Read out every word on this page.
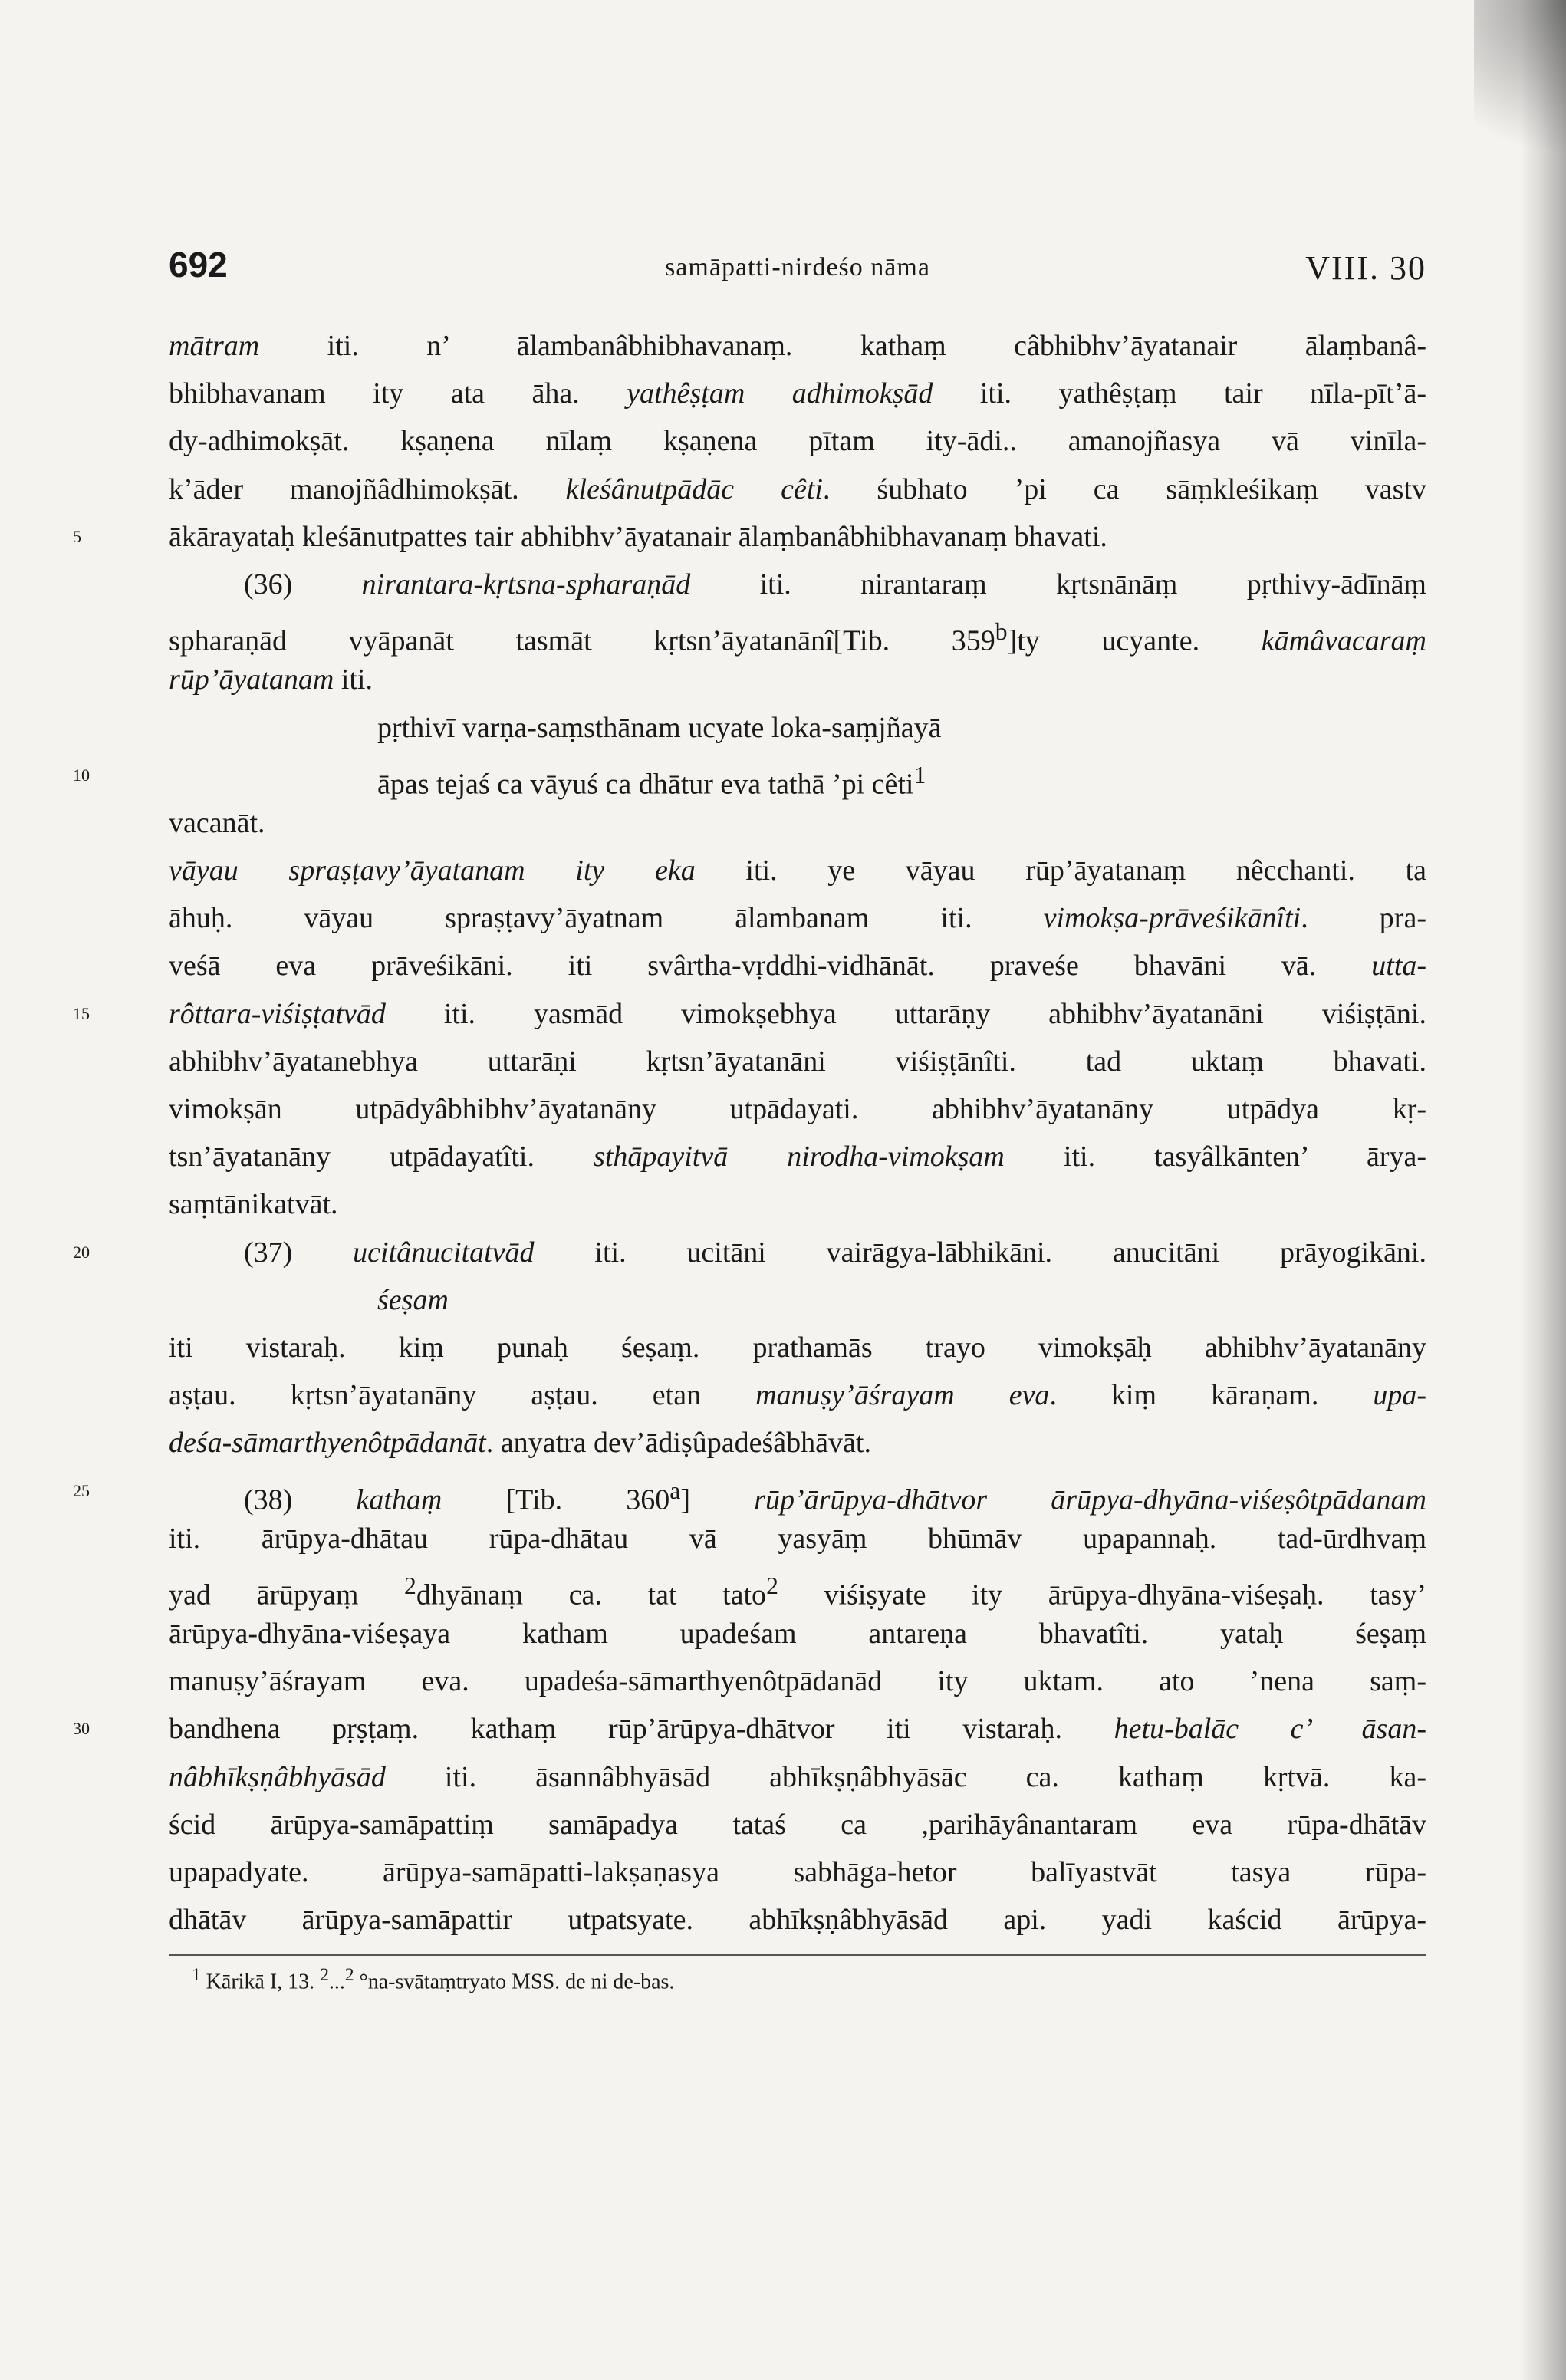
692	samāpatti-nirdeśo nāma	VIII. 30
mātram iti. n’ ālambanâbhibhavanaṃ. kathaṃ câbhibhv’āyatanair ālaṃbanâ-
bhibhavanam ity ata āha. yathêṣṭam adhimokṣād iti. yathêṣṭaṃ tair nīla-pīt’ā-
dy-adhimokṣāt. kṣaṇena nīlaṃ kṣaṇena pītam ity-ādi.. amanojñasya vā vinīla-
k’āder manojñâdhimokṣāt. kleśânutpādāc cêti. śubhato ’pi ca sāṃkleśikaṃ vastv
5	ākārayataḥ kleśānutpattes tair abhibhv’āyatanair ālaṃbanâbhibhavanaṃ bhavati.
(36) nirantara-kṛtsna-spharaṇād iti. nirantaraṃ kṛtsnānāṃ pṛthivy-ādīnāṃ
spharaṇād vyāpanāt tasmāt kṛtsn’āyatanānî[Tib. 359$^b$]ty ucyante. kāmâvacaraṃ
rūp’āyatanam iti.
pṛthivī varṇa-saṃsthānam ucyate loka-saṃjñayā
10	āpas tejaś ca vāyuś ca dhātur eva tathā ’pi cêti$^1$
vacanāt.
vāyau spraṣṭavy’āyatanam ity eka iti. ye vāyau rūp’āyatanaṃ nêcchanti. ta
āhuḥ. vāyau spraṣṭavy’āyatnam ālambanam iti. vimokṣa-prāveśikānîti. pra-
veśā eva prāveśikāni. iti svârtha-vṛddhi-vidhānāt. praveśe bhavāni vā. utta-
15	rôttara-viśiṣṭatvād iti. yasmād vimokṣebhya uttarāṇy abhibhv’āyatanāni viśiṣṭāni.
abhibhv’āyatanebhya uttarāṇi kṛtsn’āyatanāni viśiṣṭānîti. tad uktaṃ bhavati.
vimokṣān utpādyâbhibhv’āyatanāny utpādayati. abhibhv’āyatanāny utpādya kṛ-
tsn’āyatanāny utpādayatîti. sthāpayitvā nirodha-vimokṣam iti. tasyâlkānten’ ārya-
saṃtānikatvāt.
20	(37) ucitânucitatvād iti. ucitāni vairāgya-lābhikāni. anucitāni prāyogikāni.
śeṣam
iti vistaraḥ. kiṃ punaḥ śeṣaṃ. prathamās trayo vimokṣāḥ abhibhv’āyatanāny
aṣṭau. kṛtsn’āyatanāny aṣṭau. etan manuṣy’āśrayam eva. kiṃ kāraṇam. upa-
deśa-sāmarthyenôtpādanāt. anyatra dev’ādiṣûpadeśâbhāvāt.
25	(38) kathaṃ [Tib. 360$^a$] rūp’ārūpya-dhātvor ārūpya-dhyāna-viśeṣôtpādanam
iti. ārūpya-dhātau rūpa-dhātau vā yasyāṃ bhūmāv upapannaḥ. tad-ūrdhvaṃ
yad ārūpyaṃ $^2$dhyānaṃ ca. tat tato$^2$ viśiṣyate ity ārūpya-dhyāna-viśeṣaḥ. tasy’
ārūpya-dhyāna-viśeṣaya katham upadeśam antareṇa bhavatîti. yataḥ śeṣaṃ
manuṣy’āśrayam eva. upadeśa-sāmarthyenôtpādanād ity uktam. ato ’nena saṃ-
30	bandhena pṛṣṭaṃ. kathaṃ rūp’ārūpya-dhātvor iti vistaraḥ. hetu-balāc c’ āsan-
nâbhīkṣṇâbhyāsād iti. āsannâbhyāsād abhīkṣṇâbhyāsāc ca. kathaṃ kṛtvā. ka-
ścid ārūpya-samāpattiṃ samāpadya tataś ca ,parihāyânantaram eva rūpa-dhātāv
upapadyate. ārūpya-samāpatti-lakṣaṇasya sabhāga-hetor balīyastvāt tasya rūpa-
dhātāv ārūpya-samāpattir utpatsyate. abhīkṣṇâbhyāsād api. yadi kaścid ārūpya-
$^1$ Kārikā I, 13. $^2$...$^2$ °na-svātaṃtryato MSS. de ni de-bas.
